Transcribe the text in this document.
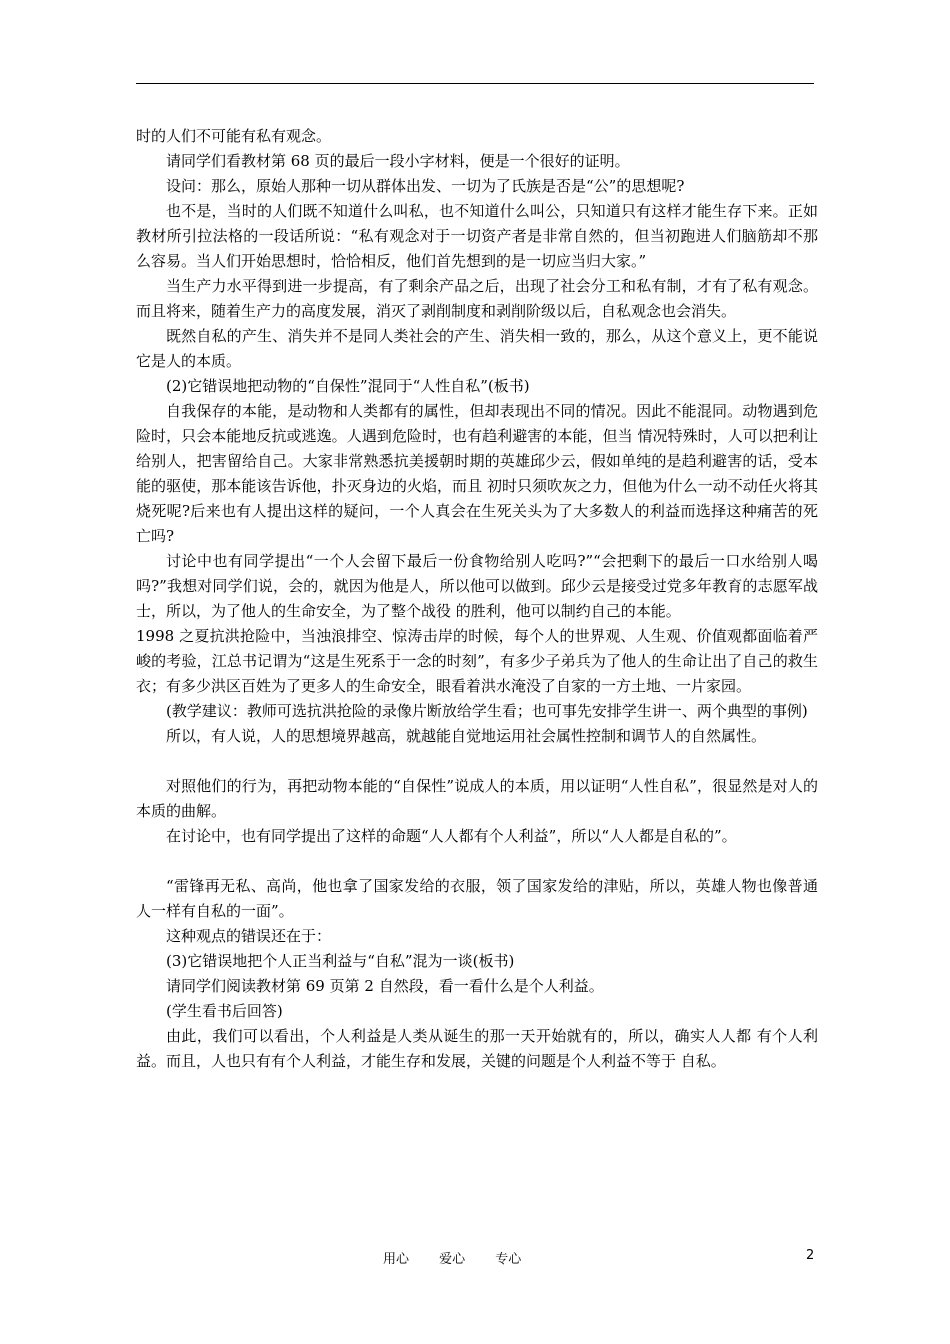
时的人们不可能有私有观念。

请同学们看教材第 68 页的最后一段小字材料，便是一个很好的证明。

设问：那么，原始人那种一切从群体出发、一切为了氏族是否是“公”的思想呢?

也不是，当时的人们既不知道什么叫私，也不知道什么叫公，只知道只有这样才能生存下来。正如教材所引拉法格的一段话所说：“私有观念对于一切资产者是非常自然的，但当初跑进人们脑筋却不那么容易。当人们开始思想时，恰恰相反，他们首先想到的是一切应当归大家。”

当生产力水平得到进一步提高，有了剩余产品之后，出现了社会分工和私有制，才有了私有观念。而且将来，随着生产力的高度发展，消灭了剥削制度和剥削阶级以后，自私观念也会消失。

既然自私的产生、消失并不是同人类社会的产生、消失相一致的，那么，从这个意义上，更不能说它是人的本质。

(2)它错误地把动物的“自保性”混同于“人性自私”(板书)

自我保存的本能，是动物和人类都有的属性，但却表现出不同的情况。因此不能混同。动物遇到危险时，只会本能地反抗或逃逸。人遇到危险时，也有趋利避害的本能，但当 情况特殊时，人可以把利让给别人，把害留给自己。大家非常熟悉抗美援朝时期的英雄邱少云，假如单纯的是趋利避害的话，受本能的驱使，那本能该告诉他，扑灭身边的火焰，而且 初时只须吹灰之力，但他为什么一动不动任火将其烧死呢?后来也有人提出这样的疑问，一个人真会在生死关头为了大多数人的利益而选择这种痛苦的死亡吗?

讨论中也有同学提出“一个人会留下最后一份食物给别人吃吗?”“会把剩下的最后一口水给别人喝吗?”我想对同学们说，会的，就因为他是人，所以他可以做到。邱少云是接受过党多年教育的志愿军战士，所以，为了他人的生命安全，为了整个战役 的胜利，他可以制约自己的本能。

1998 之夏抗洪抢险中，当浊浪排空、惊涛击岸的时候，每个人的世界观、人生观、价值观都面临着严峻的考验，江总书记谓为“这是生死系于一念的时刻”，有多少子弟兵为了他人的生命让出了自己的救生衣；有多少洪区百姓为了更多人的生命安全，眼看着洪水淹没了自家的一方土地、一片家园。

(教学建议：教师可选抗洪抢险的录像片断放给学生看；也可事先安排学生讲一、两个典型的事例)

所以，有人说，人的思想境界越高，就越能自觉地运用社会属性控制和调节人的自然属性。

对照他们的行为，再把动物本能的“自保性”说成人的本质，用以证明“人性自私”，很显然是对人的本质的曲解。

在讨论中，也有同学提出了这样的命题“人人都有个人利益”，所以“人人都是自私的”。

“雷锋再无私、高尚，他也拿了国家发给的衣服，领了国家发给的津贴，所以，英雄人物也像普通人一样有自私的一面”。

这种观点的错误还在于：

(3)它错误地把个人正当利益与“自私”混为一谈(板书)

请同学们阅读教材第 69 页第 2 自然段，看一看什么是个人利益。

(学生看书后回答)

由此，我们可以看出，个人利益是人类从诞生的那一天开始就有的，所以，确实人人都 有个人利益。而且，人也只有有个人利益，才能生存和发展，关键的问题是个人利益不等于 自私。

用心 爱心 专心	2
